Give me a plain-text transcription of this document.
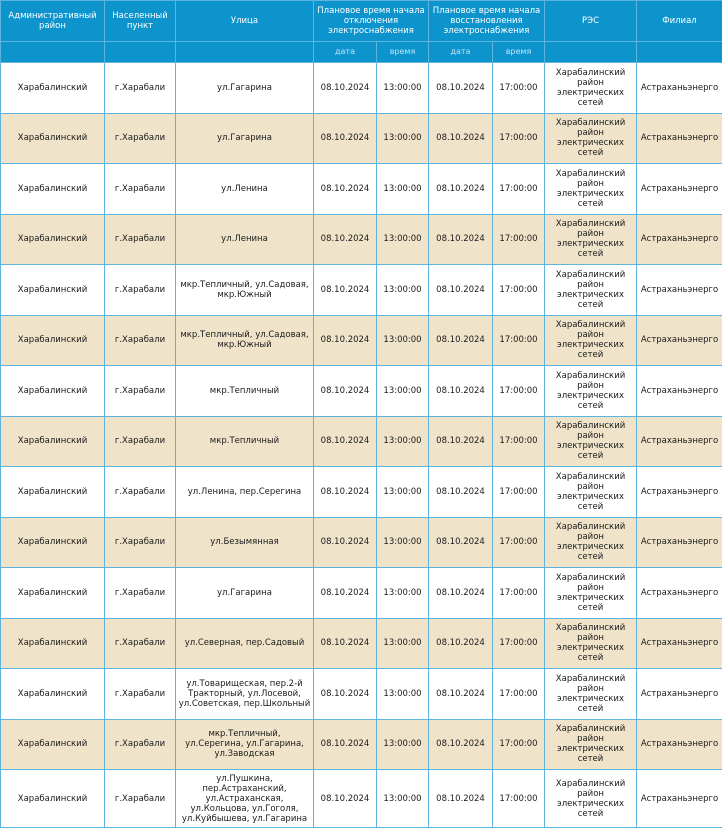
Административный район	Населенный пункт	Улица	Плановое время начала отключения электроснабжения		Плановое время начала восстановления электроснабжения		РЭС	Филиал
			дата	время	дата	время		
Харабалинский	г.Харабали	ул.Гагарина	08.10.2024	13:00:00	08.10.2024	17:00:00	Харабалинский район электрических сетей	Астраханьэнерго
Харабалинский	г.Харабали	ул.Гагарина	08.10.2024	13:00:00	08.10.2024	17:00:00	Харабалинский район электрических сетей	Астраханьэнерго
Харабалинский	г.Харабали	ул.Ленина	08.10.2024	13:00:00	08.10.2024	17:00:00	Харабалинский район электрических сетей	Астраханьэнерго
Харабалинский	г.Харабали	ул.Ленина	08.10.2024	13:00:00	08.10.2024	17:00:00	Харабалинский район электрических сетей	Астраханьэнерго
Харабалинский	г.Харабали	мкр.Тепличный, ул.Садовая, мкр.Южный	08.10.2024	13:00:00	08.10.2024	17:00:00	Харабалинский район электрических сетей	Астраханьэнерго
Харабалинский	г.Харабали	мкр.Тепличный, ул.Садовая, мкр.Южный	08.10.2024	13:00:00	08.10.2024	17:00:00	Харабалинский район электрических сетей	Астраханьэнерго
Харабалинский	г.Харабали	мкр.Тепличный	08.10.2024	13:00:00	08.10.2024	17:00:00	Харабалинский район электрических сетей	Астраханьэнерго
Харабалинский	г.Харабали	мкр.Тепличный	08.10.2024	13:00:00	08.10.2024	17:00:00	Харабалинский район электрических сетей	Астраханьэнерго
Харабалинский	г.Харабали	ул.Ленина, пер.Серегина	08.10.2024	13:00:00	08.10.2024	17:00:00	Харабалинский район электрических сетей	Астраханьэнерго
Харабалинский	г.Харабали	ул.Безымянная	08.10.2024	13:00:00	08.10.2024	17:00:00	Харабалинский район электрических сетей	Астраханьэнерго
Харабалинский	г.Харабали	ул.Гагарина	08.10.2024	13:00:00	08.10.2024	17:00:00	Харабалинский район электрических сетей	Астраханьэнерго
Харабалинский	г.Харабали	ул.Северная, пер.Садовый	08.10.2024	13:00:00	08.10.2024	17:00:00	Харабалинский район электрических сетей	Астраханьэнерго
Харабалинский	г.Харабали	ул.Товарищеская, пер.2-й Тракторный, ул.Лосевой, ул.Советская, пер.Школьный	08.10.2024	13:00:00	08.10.2024	17:00:00	Харабалинский район электрических сетей	Астраханьэнерго
Харабалинский	г.Харабали	мкр.Тепличный, ул.Серегина, ул.Гагарина, ул.Заводская	08.10.2024	13:00:00	08.10.2024	17:00:00	Харабалинский район электрических сетей	Астраханьэнерго
Харабалинский	г.Харабали	ул.Пушкина, пер.Астраханский, ул.Астраханская, ул.Кольцова, ул.Гоголя, ул.Куйбышева, ул.Гагарина	08.10.2024	13:00:00	08.10.2024	17:00:00	Харабалинский район электрических сетей	Астраханьэнерго
